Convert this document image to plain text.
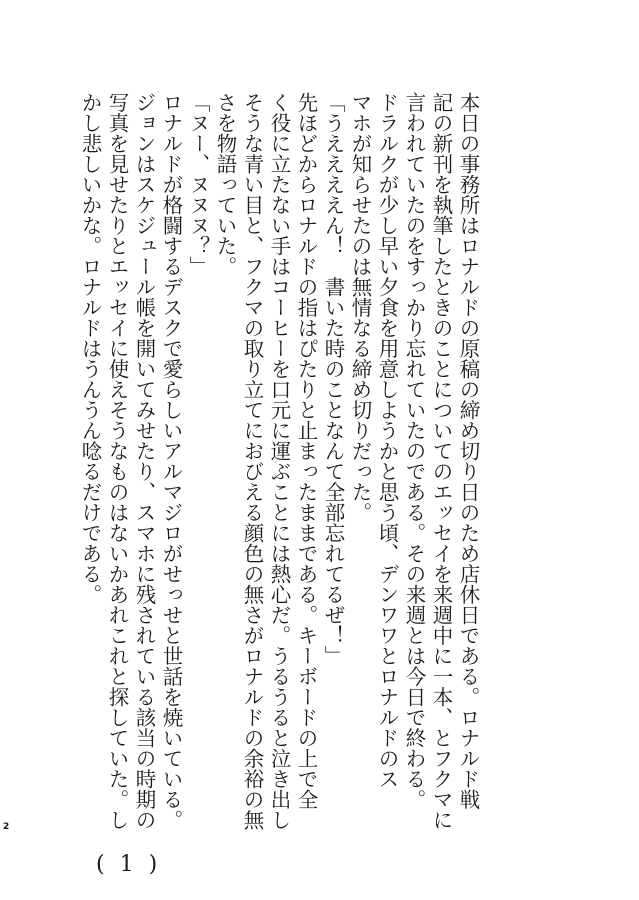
本日の事務所はロナルドの原稿の締め切り日のため店休日である。ロナルド戦

記の新刊を執筆したときのことについてのエッセイを来週中に一本、とフクマに

言われていたのをすっかり忘れていたのである。その来週とは今日で終わる。

ドラルクが少し早い夕食を用意しようかと思う頃、デンワワとロナルドのス

マホが知らせたのは無情なる締め切りだった。

「うええええん！　書いた時のことなんて全部忘れてるぜ！」

先ほどからロナルドの指はぴたりと止まったままである。キーボードの上で全

く役に立たない手はコーヒーを口元に運ぶことには熱心だ。うるうると泣き出し

そうな青い目と、フクマの取り立てにおびえる顔色の無さがロナルドの余裕の無

さを物語っていた。

「ヌー、ヌヌヌ？」

ロナルドが格闘するデスクで愛らしいアルマジロがせっせと世話を焼いている。

ジョンはスケジュール帳を開いてみせたり、スマホに残されている該当の時期の

写真を見せたりとエッセイに使えそうなものはないかあれこれと探していた。し

かし悲しいかな。ロナルドはうんうん唸るだけである。

2
( 1 )
